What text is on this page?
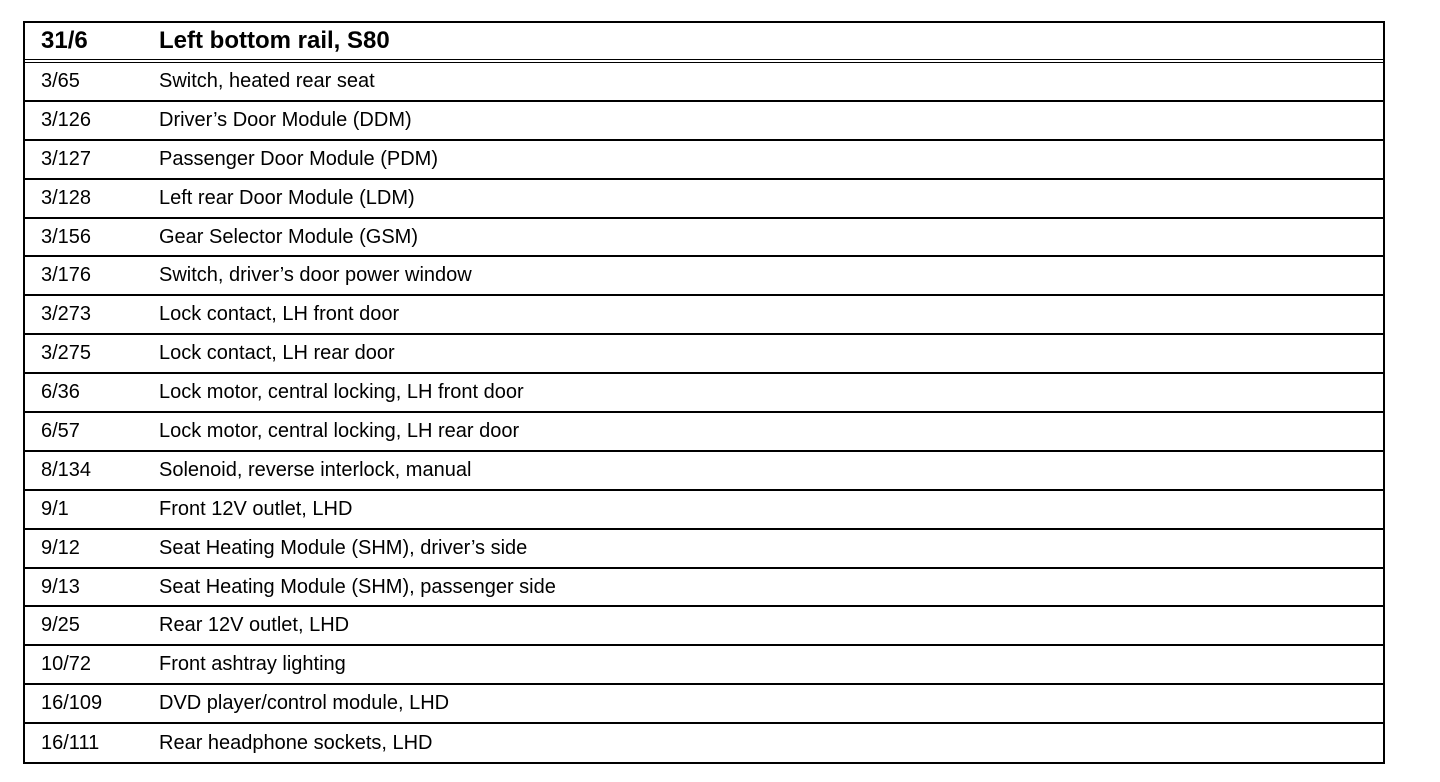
31/6	Left bottom rail, S80
3/65	Switch, heated rear seat
3/126	Driver’s Door Module (DDM)
3/127	Passenger Door Module (PDM)
3/128	Left rear Door Module (LDM)
3/156	Gear Selector Module (GSM)
3/176	Switch, driver’s door power window
3/273	Lock contact, LH front door
3/275	Lock contact, LH rear door
6/36	Lock motor, central locking, LH front door
6/57	Lock motor, central locking, LH rear door
8/134	Solenoid, reverse interlock, manual
9/1	Front 12V outlet, LHD
9/12	Seat Heating Module (SHM), driver’s side
9/13	Seat Heating Module (SHM), passenger side
9/25	Rear 12V outlet, LHD
10/72	Front ashtray lighting
16/109	DVD player/control module, LHD
16/111	Rear headphone sockets, LHD
